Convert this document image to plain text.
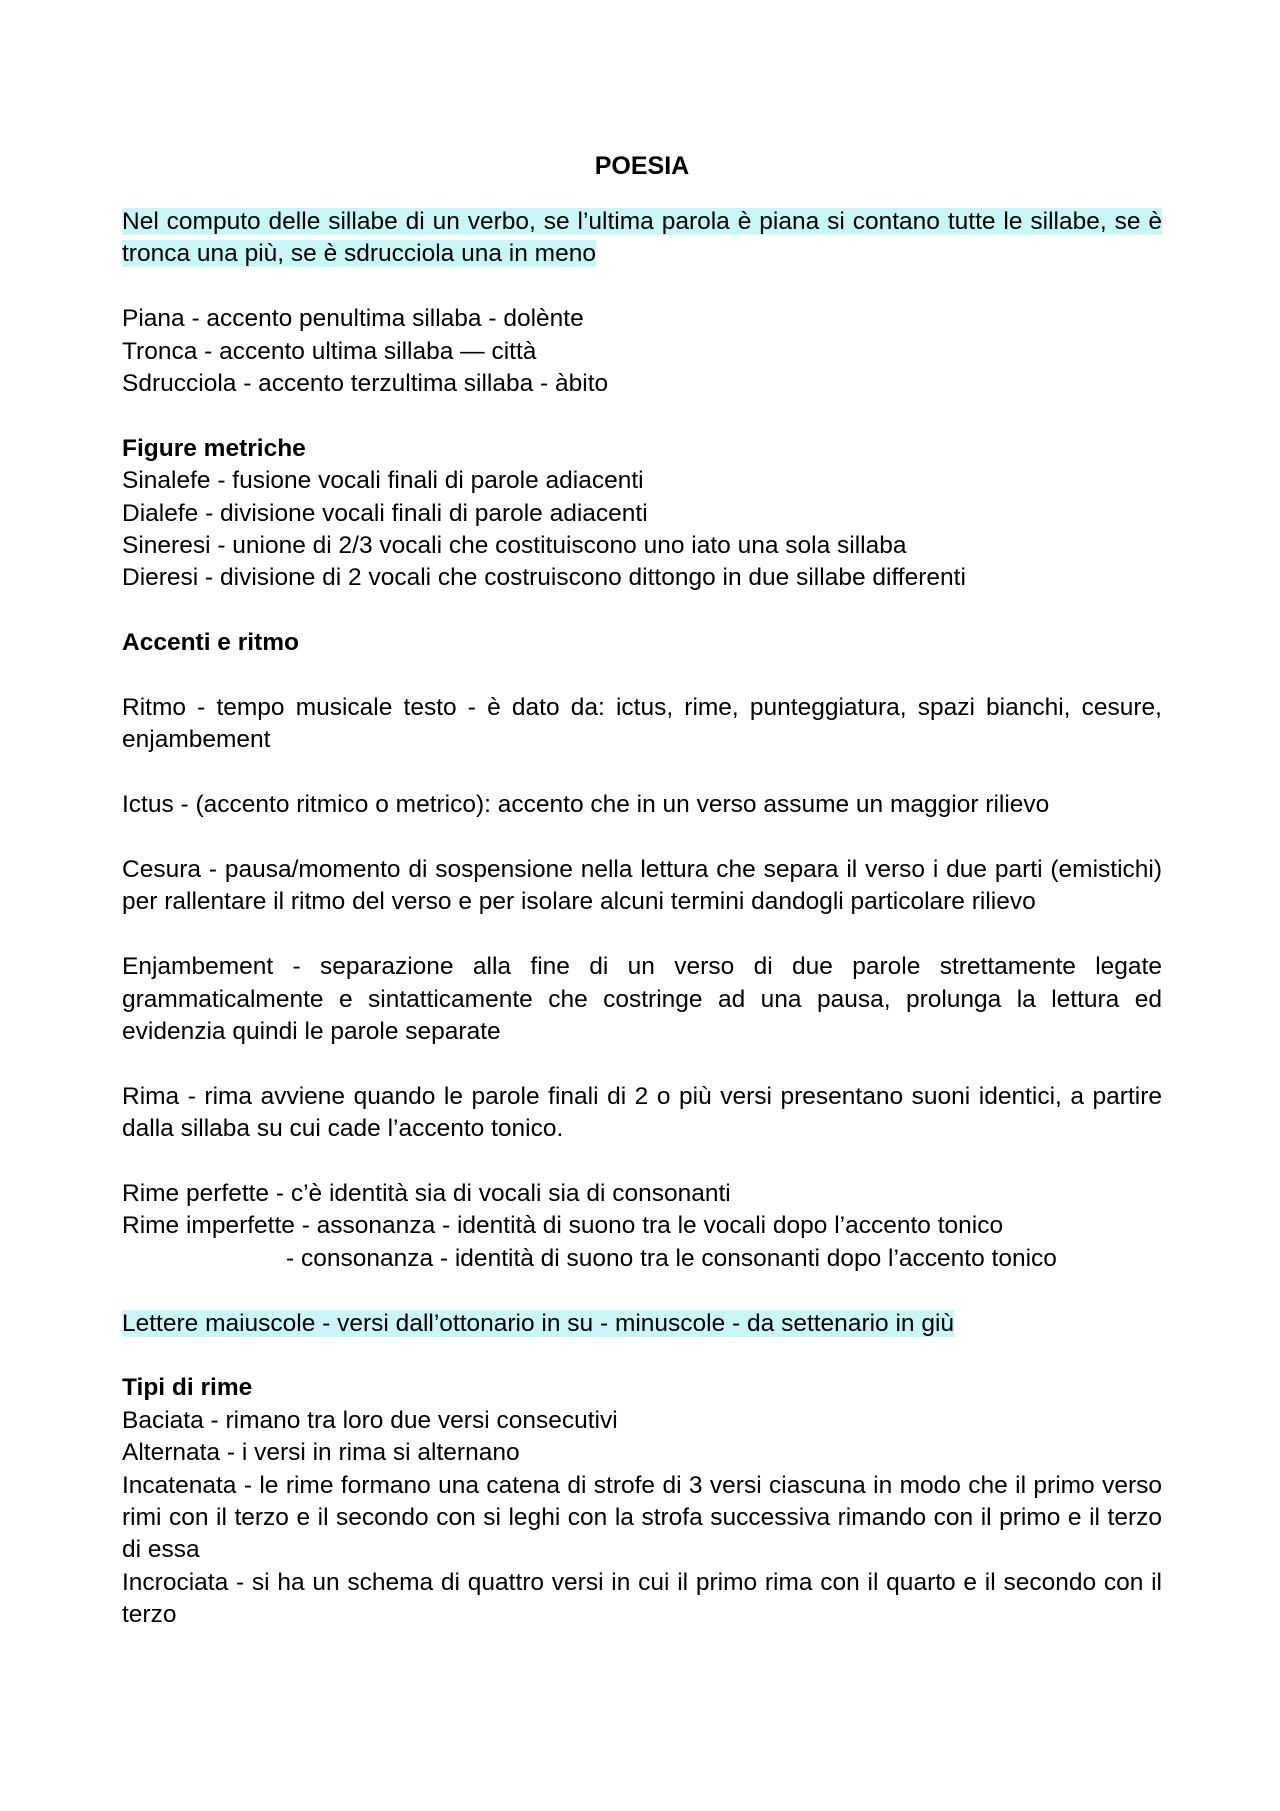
POESIA

Nel computo delle sillabe di un verbo, se l’ultima parola è piana si contano tutte le sillabe, se è tronca una più, se è sdrucciola una in meno

Piana - accento penultima sillaba - dolènte

Tronca - accento ultima sillaba — città

Sdrucciola - accento terzultima sillaba - àbito

Figure metriche

Sinalefe - fusione vocali finali di parole adiacenti

Dialefe - divisione vocali finali di parole adiacenti

Sineresi - unione di 2/3 vocali che costituiscono uno iato una sola sillaba

Dieresi - divisione di 2 vocali che costruiscono dittongo in due sillabe differenti

Accenti e ritmo

Ritmo - tempo musicale testo - è dato da: ictus, rime, punteggiatura, spazi bianchi, cesure, enjambement

Ictus - (accento ritmico o metrico): accento che in un verso assume un maggior rilievo

Cesura - pausa/momento di sospensione nella lettura che separa il verso i due parti (emistichi) per rallentare il ritmo del verso e per isolare alcuni termini dandogli particolare rilievo

Enjambement - separazione alla fine di un verso di due parole strettamente legate grammaticalmente e sintatticamente che costringe ad una pausa, prolunga la lettura ed evidenzia quindi le parole separate

Rima - rima avviene quando le parole finali di 2 o più versi presentano suoni identici, a partire dalla sillaba su cui cade l’accento tonico.

Rime perfette - c’è identità sia di vocali sia di consonanti

Rime imperfette - assonanza - identità di suono tra le vocali dopo l’accento tonico

- consonanza - identità di suono tra le consonanti dopo l’accento tonico

Lettere maiuscole - versi dall’ottonario in su - minuscole - da settenario in giù

Tipi di rime

Baciata - rimano tra loro due versi consecutivi

Alternata - i versi in rima si alternano

Incatenata - le rime formano una catena di strofe di 3 versi ciascuna in modo che il primo verso rimi con il terzo e il secondo con si leghi con la strofa successiva rimando con il primo e il terzo di essa

Incrociata - si ha un schema di quattro versi in cui il primo rima con il quarto e il secondo con il terzo
